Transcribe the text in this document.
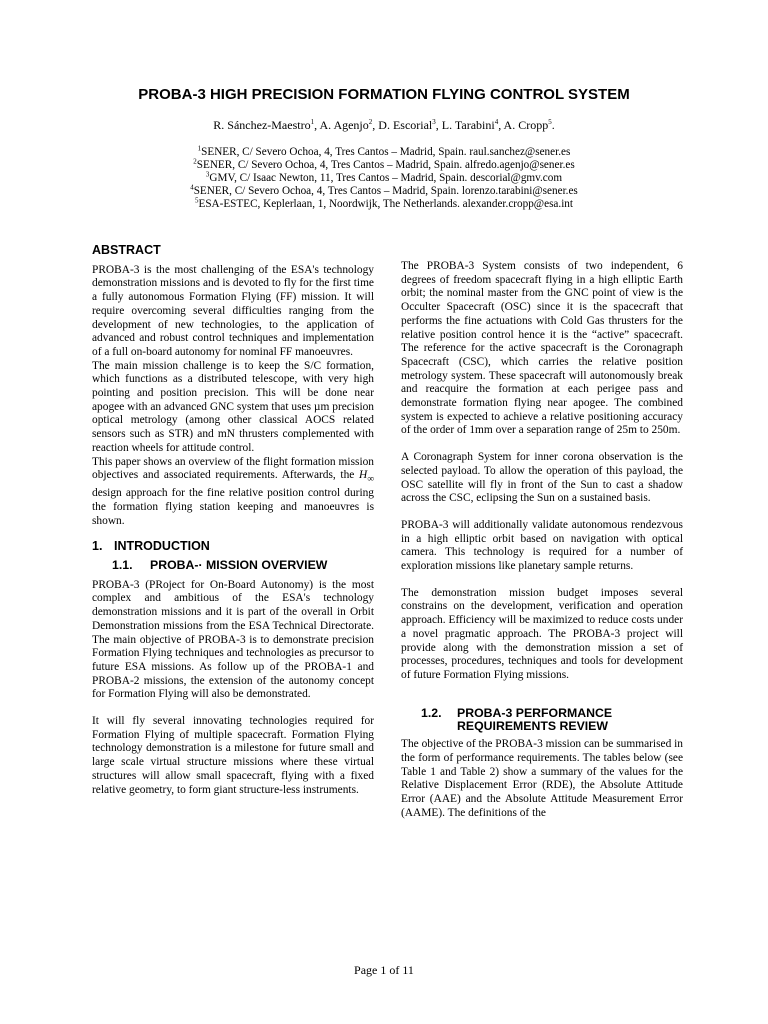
PROBA-3 HIGH PRECISION FORMATION FLYING CONTROL SYSTEM
R. Sánchez-Maestro$^1$, A. Agenjo$^2$, D. Escorial$^3$, L. Tarabini$^4$, A. Cropp$^5$.
$^1$SENER, C/ Severo Ochoa, 4, Tres Cantos – Madrid, Spain. raul.sanchez@sener.es
$^2$SENER, C/ Severo Ochoa, 4, Tres Cantos – Madrid, Spain. alfredo.agenjo@sener.es
$^3$GMV, C/ Isaac Newton, 11, Tres Cantos – Madrid, Spain. descorial@gmv.com
$^4$SENER, C/ Severo Ochoa, 4, Tres Cantos – Madrid, Spain. lorenzo.tarabini@sener.es
$^5$ESA-ESTEC, Keplerlaan, 1, Noordwijk, The Netherlands. alexander.cropp@esa.int
ABSTRACT

PROBA-3 is the most challenging of the ESA's technology demonstration missions and is devoted to fly for the first time a fully autonomous Formation Flying (FF) mission. It will require overcoming several difficulties ranging from the development of new technologies, to the application of advanced and robust control techniques and implementation of a full on-board autonomy for nominal FF manoeuvres.

The main mission challenge is to keep the S/C formation, which functions as a distributed telescope, with very high pointing and position precision. This will be done near apogee with an advanced GNC system that uses µm precision optical metrology (among other classical AOCS related sensors such as STR) and mN thrusters complemented with reaction wheels for attitude control.

This paper shows an overview of the flight formation mission objectives and associated requirements. Afterwards, the $H_\infty$ design approach for the fine relative position control during the formation flying station keeping and manoeuvres is shown.

1. INTRODUCTION
1.1. PROBA-· MISSION OVERVIEW

PROBA-3 (PRoject for On-Board Autonomy) is the most complex and ambitious of the ESA's technology demonstration missions and it is part of the overall in Orbit Demonstration missions from the ESA Technical Directorate. The main objective of PROBA-3 is to demonstrate precision Formation Flying techniques and technologies as precursor to future ESA missions. As follow up of the PROBA-1 and PROBA-2 missions, the extension of the autonomy concept for Formation Flying will also be demonstrated.

It will fly several innovating technologies required for Formation Flying of multiple spacecraft. Formation Flying technology demonstration is a milestone for future small and large scale virtual structure missions where these virtual structures will allow small spacecraft, flying with a fixed relative geometry, to form giant structure-less instruments.

The PROBA-3 System consists of two independent, 6 degrees of freedom spacecraft flying in a high elliptic Earth orbit; the nominal master from the GNC point of view is the Occulter Spacecraft (OSC) since it is the spacecraft that performs the fine actuations with Cold Gas thrusters for the relative position control hence it is the “active” spacecraft. The reference for the active spacecraft is the Coronagraph Spacecraft (CSC), which carries the relative position metrology system. These spacecraft will autonomously break and reacquire the formation at each perigee pass and demonstrate formation flying near apogee. The combined system is expected to achieve a relative positioning accuracy of the order of 1mm over a separation range of 25m to 250m.

A Coronagraph System for inner corona observation is the selected payload. To allow the operation of this payload, the OSC satellite will fly in front of the Sun to cast a shadow across the CSC, eclipsing the Sun on a sustained basis.

PROBA-3 will additionally validate autonomous rendezvous in a high elliptic orbit based on navigation with optical camera. This technology is required for a number of exploration missions like planetary sample returns.

The demonstration mission budget imposes several constrains on the development, verification and operation approach. Efficiency will be maximized to reduce costs under a novel pragmatic approach. The PROBA-3 project will provide along with the demonstration mission a set of processes, procedures, techniques and tools for development of future Formation Flying missions.

1.2.	PROBA-3 PERFORMANCE
REQUIREMENTS REVIEW

The objective of the PROBA-3 mission can be summarised in the form of performance requirements. The tables below (see Table 1 and Table 2) show a summary of the values for the Relative Displacement Error (RDE), the Absolute Attitude Error (AAE) and the Absolute Attitude Measurement Error (AAME). The definitions of the

Page 1 of 11
